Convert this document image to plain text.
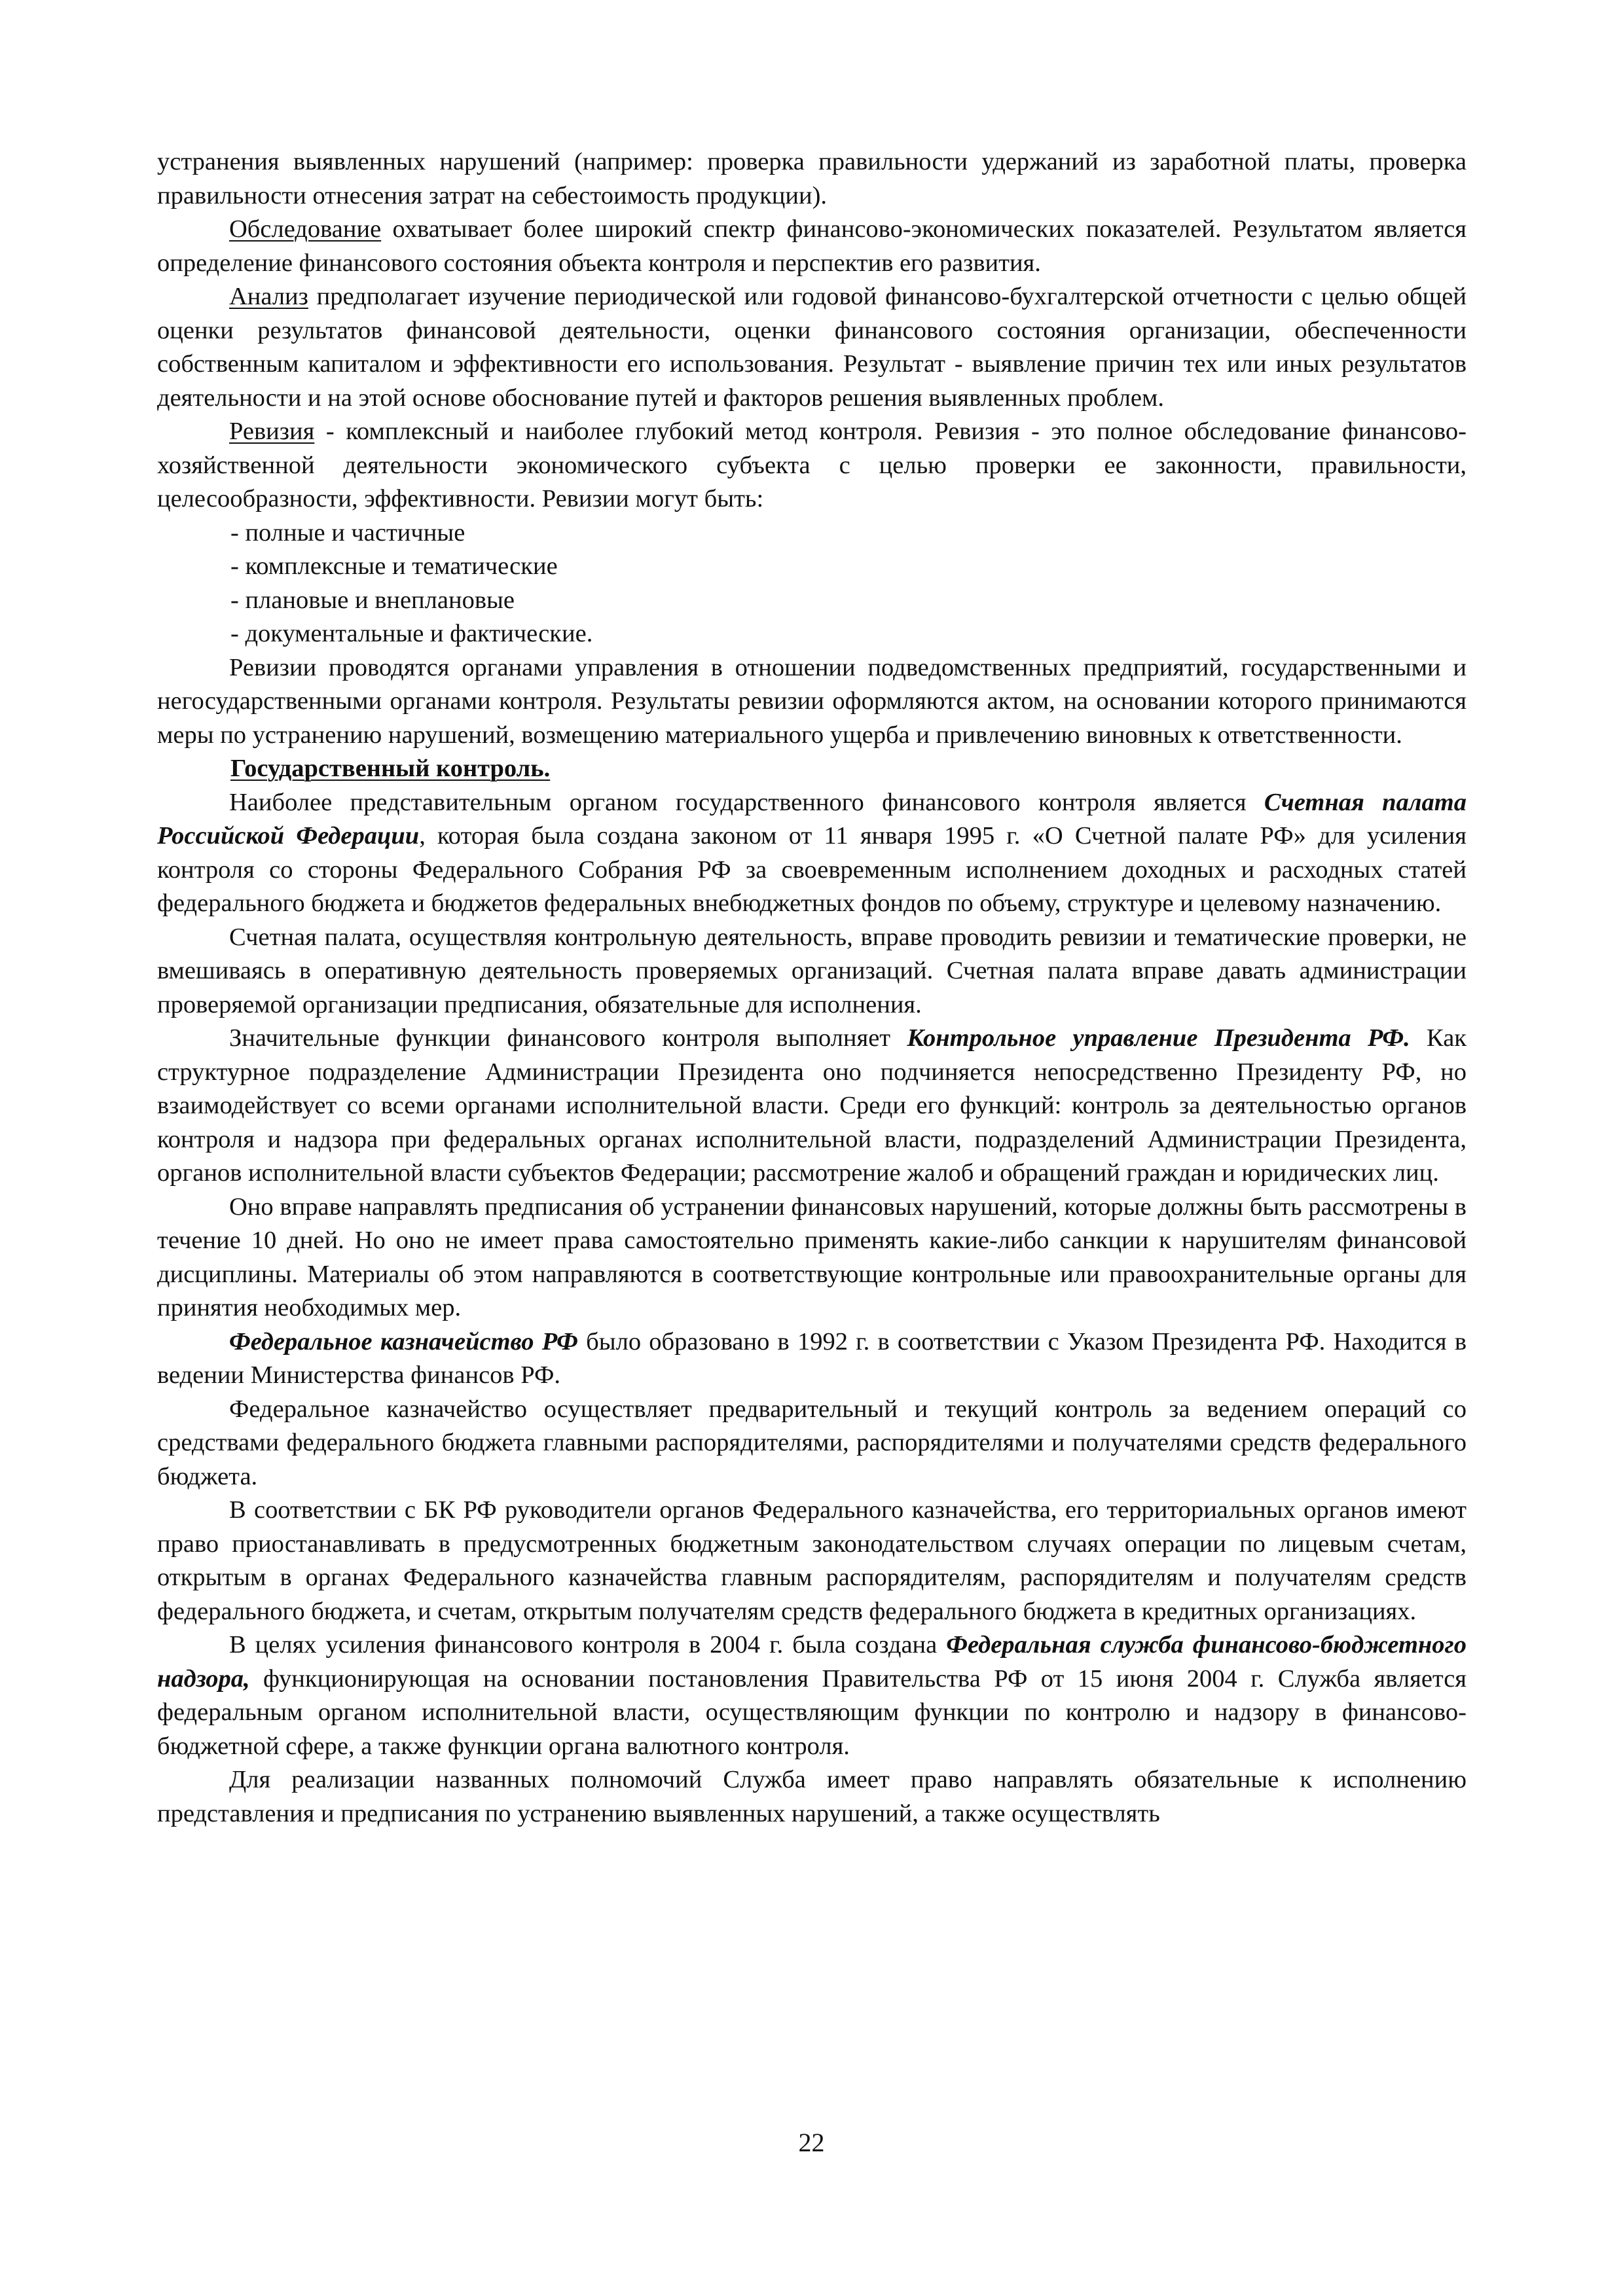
устранения выявленных нарушений (например: проверка правильности удержаний из заработной платы, проверка правильности отнесения затрат на себестоимость продукции).

Обследование охватывает более широкий спектр финансово-экономических показателей. Результатом является определение финансового состояния объекта контроля и перспектив его развития.

Анализ предполагает изучение периодической или годовой финансово-бухгалтерской отчетности с целью общей оценки результатов финансовой деятельности, оценки финансового состояния организации, обеспеченности собственным капиталом и эффективности его использования. Результат - выявление причин тех или иных результатов деятельности и на этой основе обоснование путей и факторов решения выявленных проблем.

Ревизия - комплексный и наиболее глубокий метод контроля. Ревизия - это полное обследование финансово-хозяйственной деятельности экономического субъекта с целью проверки ее законности, правильности, целесообразности, эффективности. Ревизии могут быть:

- полные и частичные

- комплексные и тематические

- плановые и внеплановые

- документальные и фактические.

Ревизии проводятся органами управления в отношении подведомственных предприятий, государственными и негосударственными органами контроля. Результаты ревизии оформляются актом, на основании которого принимаются меры по устранению нарушений, возмещению материального ущерба и привлечению виновных к ответственности.

Государственный контроль.

Наиболее представительным органом государственного финансового контроля является Счетная палата Российской Федерации, которая была создана законом от 11 января 1995 г. «О Счетной палате РФ» для усиления контроля со стороны Федерального Собрания РФ за своевременным исполнением доходных и расходных статей федерального бюджета и бюджетов федеральных внебюджетных фондов по объему, структуре и целевому назначению.

Счетная палата, осуществляя контрольную деятельность, вправе проводить ревизии и тематические проверки, не вмешиваясь в оперативную деятельность проверяемых организаций. Счетная палата вправе давать администрации проверяемой организации предписания, обязательные для исполнения.

Значительные функции финансового контроля выполняет Контрольное управление Президента РФ. Как структурное подразделение Администрации Президента оно подчиняется непосредственно Президенту РФ, но взаимодействует со всеми органами исполнительной власти. Среди его функций: контроль за деятельностью органов контроля и надзора при федеральных органах исполнительной власти, подразделений Администрации Президента, органов исполнительной власти субъектов Федерации; рассмотрение жалоб и обращений граждан и юридических лиц.

Оно вправе направлять предписания об устранении финансовых нарушений, которые должны быть рассмотрены в течение 10 дней. Но оно не имеет права самостоятельно применять какие-либо санкции к нарушителям финансовой дисциплины. Материалы об этом направляются в соответствующие контрольные или правоохранительные органы для принятия необходимых мер.

Федеральное казначейство РФ было образовано в 1992 г. в соответствии с Указом Президента РФ. Находится в ведении Министерства финансов РФ.

Федеральное казначейство осуществляет предварительный и текущий контроль за ведением операций со средствами федерального бюджета главными распорядителями, распорядителями и получателями средств федерального бюджета.

В соответствии с БК РФ руководители органов Федерального казначейства, его территориальных органов имеют право приостанавливать в предусмотренных бюджетным законодательством случаях операции по лицевым счетам, открытым в органах Федерального казначейства главным распорядителям, распорядителям и получателям средств федерального бюджета, и счетам, открытым получателям средств федерального бюджета в кредитных организациях.

В целях усиления финансового контроля в 2004 г. была создана Федеральная служба финансово-бюджетного надзора, функционирующая на основании постановления Правительства РФ от 15 июня 2004 г. Служба является федеральным органом исполнительной власти, осуществляющим функции по контролю и надзору в финансово-бюджетной сфере, а также функции органа валютного контроля.

Для реализации названных полномочий Служба имеет право направлять обязательные к исполнению представления и предписания по устранению выявленных нарушений, а также осуществлять

22
